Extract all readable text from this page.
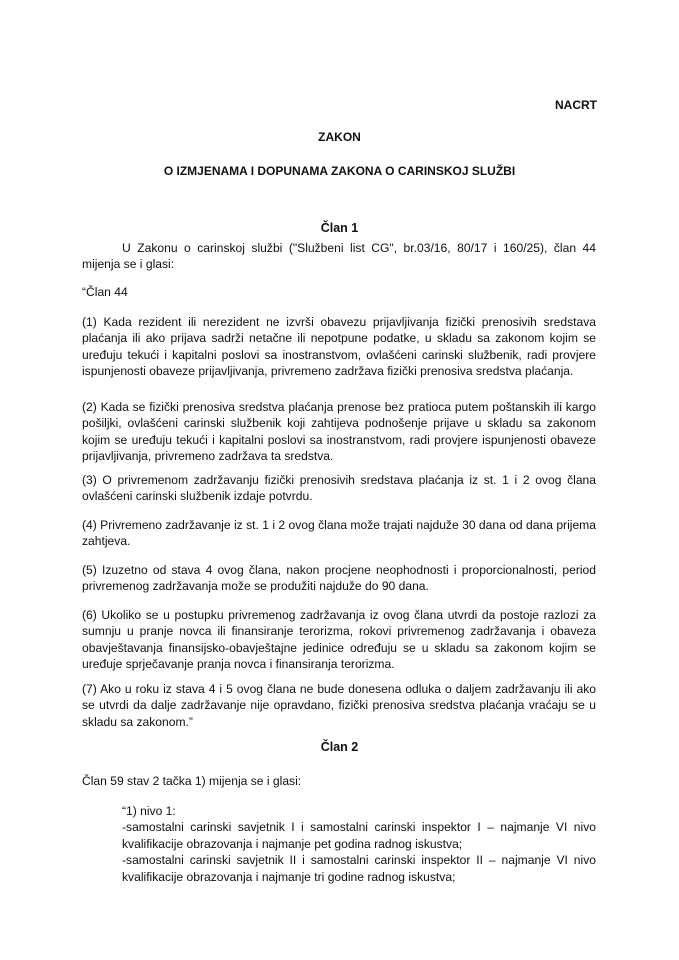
NACRT
ZAKON
O IZMJENAMA I DOPUNAMA ZAKONA O CARINSKOJ SLUŽBI
Član 1

U Zakonu o carinskoj službi ("Službeni list CG", br.03/16, 80/17 i 160/25), član 44 mijenja se i glasi:

“Član 44

(1) Kada rezident ili nerezident ne izvrši obavezu prijavljivanja fizički prenosivih sredstava plaćanja ili ako prijava sadrži netačne ili nepotpune podatke, u skladu sa zakonom kojim se uređuju tekući i kapitalni poslovi sa inostranstvom, ovlašćeni carinski službenik, radi provjere ispunjenosti obaveze prijavljivanja, privremeno zadržava fizički prenosiva sredstva plaćanja.

(2) Kada se fizički prenosiva sredstva plaćanja prenose bez pratioca putem poštanskih ili kargo pošiljki, ovlašćeni carinski službenik koji zahtijeva podnošenje prijave u skladu sa zakonom kojim se uređuju tekući i kapitalni poslovi sa inostranstvom, radi provjere ispunjenosti obaveze prijavljivanja, privremeno zadržava ta sredstva.

(3) O privremenom zadržavanju fizički prenosivih sredstava plaćanja iz st. 1 i 2 ovog člana ovlašćeni carinski službenik izdaje potvrdu.

(4) Privremeno zadržavanje iz st. 1 i 2 ovog člana može trajati najduže 30 dana od dana prijema zahtjeva.

(5) Izuzetno od stava 4 ovog člana, nakon procjene neophodnosti i proporcionalnosti, period privremenog zadržavanja može se produžiti najduže do 90 dana.

(6) Ukoliko se u postupku privremenog zadržavanja iz ovog člana utvrdi da postoje razlozi za sumnju u pranje novca ili finansiranje terorizma, rokovi privremenog zadržavanja i obaveza obavještavanja finansijsko-obavještajne jedinice određuju se u skladu sa zakonom kojim se uređuje sprječavanje pranja novca i finansiranja terorizma.

(7) Ako u roku iz stava 4 i 5 ovog člana ne bude donesena odluka o daljem zadržavanju ili ako se utvrdi da dalje zadržavanje nije opravdano, fizički prenosiva sredstva plaćanja vraćaju se u skladu sa zakonom.”

Član 2

Član 59 stav 2 tačka 1) mijenja se i glasi:

“1) nivo 1:

-samostalni carinski savjetnik I i samostalni carinski inspektor I – najmanje VI nivo kvalifikacije obrazovanja i najmanje pet godina radnog iskustva;

-samostalni carinski savjetnik II i samostalni carinski inspektor II – najmanje VI nivo kvalifikacije obrazovanja i najmanje tri godine radnog iskustva;
